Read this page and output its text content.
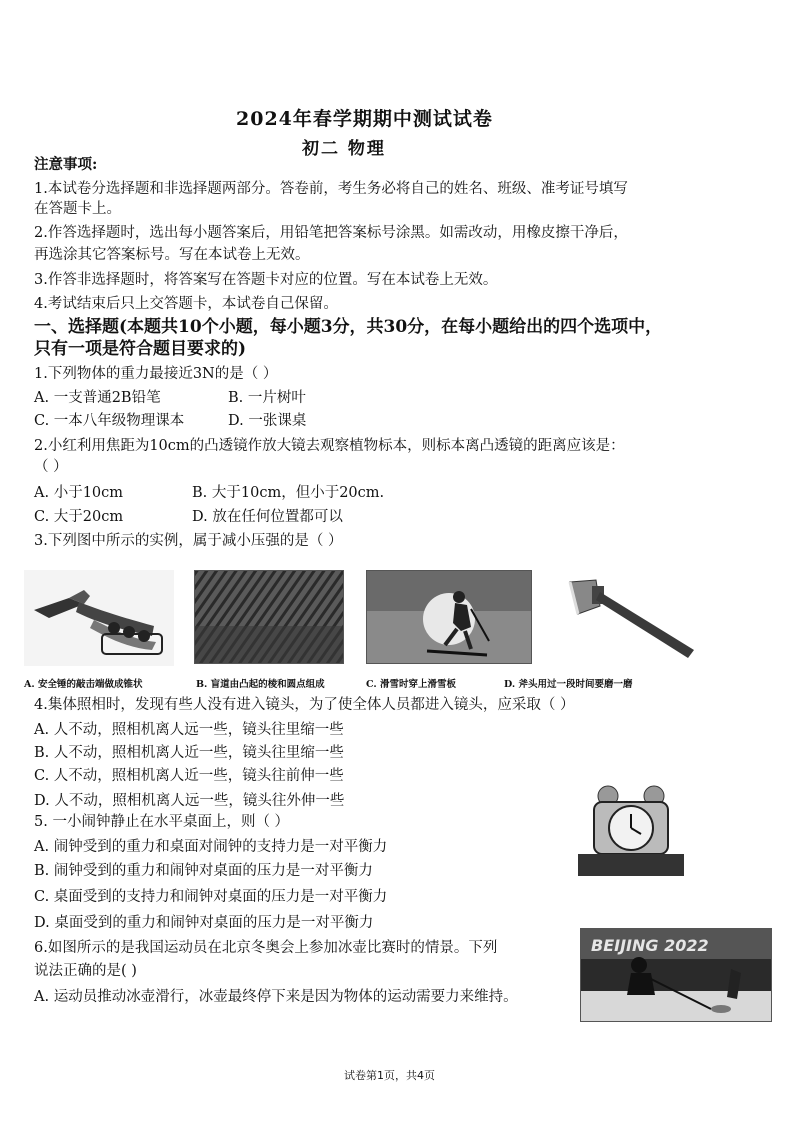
2024年春学期期中测试试卷
初二 物理
注意事项:
1.本试卷分选择题和非选择题两部分。答卷前，考生务必将自己的姓名、班级、准考证号填写
在答题卡上。
2.作答选择题时，选出每小题答案后，用铅笔把答案标号涂黑。如需改动，用橡皮擦干净后，
再选涂其它答案标号。写在本试卷上无效。
3.作答非选择题时，将答案写在答题卡对应的位置。写在本试卷上无效。
4.考试结束后只上交答题卡，本试卷自己保留。
一、选择题(本题共10个小题，每小题3分，共30分，在每小题给出的四个选项中，
只有一项是符合题目要求的)
1.下列物体的重力最接近3N的是（ ）
A. 一支普通2B铅笔	B. 一片树叶
C. 一本八年级物理课本	D. 一张课桌
2.小红利用焦距为10cm的凸透镜作放大镜去观察植物标本，则标本离凸透镜的距离应该是：
（ ）
A. 小于10cm	B. 大于10cm，但小于20cm.
C. 大于20cm	D. 放在任何位置都可以
3.下列图中所示的实例，属于减小压强的是（ ）
A. 安全锤的敲击端做成锥状	B. 盲道由凸起的棱和圆点组成	C. 滑雪时穿上滑雪板	D. 斧头用过一段时间要磨一磨
4.集体照相时，发现有些人没有进入镜头，为了使全体人员都进入镜头，应采取（ ）
A. 人不动，照相机离人远一些，镜头往里缩一些
B. 人不动，照相机离人近一些，镜头往里缩一些
C. 人不动，照相机离人近一些，镜头往前伸一些
D. 人不动，照相机离人远一些，镜头往外伸一些
5. 一小闹钟静止在水平桌面上，则（ ）
A. 闹钟受到的重力和桌面对闹钟的支持力是一对平衡力
B. 闹钟受到的重力和闹钟对桌面的压力是一对平衡力
C. 桌面受到的支持力和闹钟对桌面的压力是一对平衡力
D. 桌面受到的重力和闹钟对桌面的压力是一对平衡力
BEIJING 2022
6.如图所示的是我国运动员在北京冬奥会上参加冰壶比赛时的情景。下列
说法正确的是( )
A. 运动员推动冰壶滑行，冰壶最终停下来是因为物体的运动需要力来维持。
试卷第1页，共4页
